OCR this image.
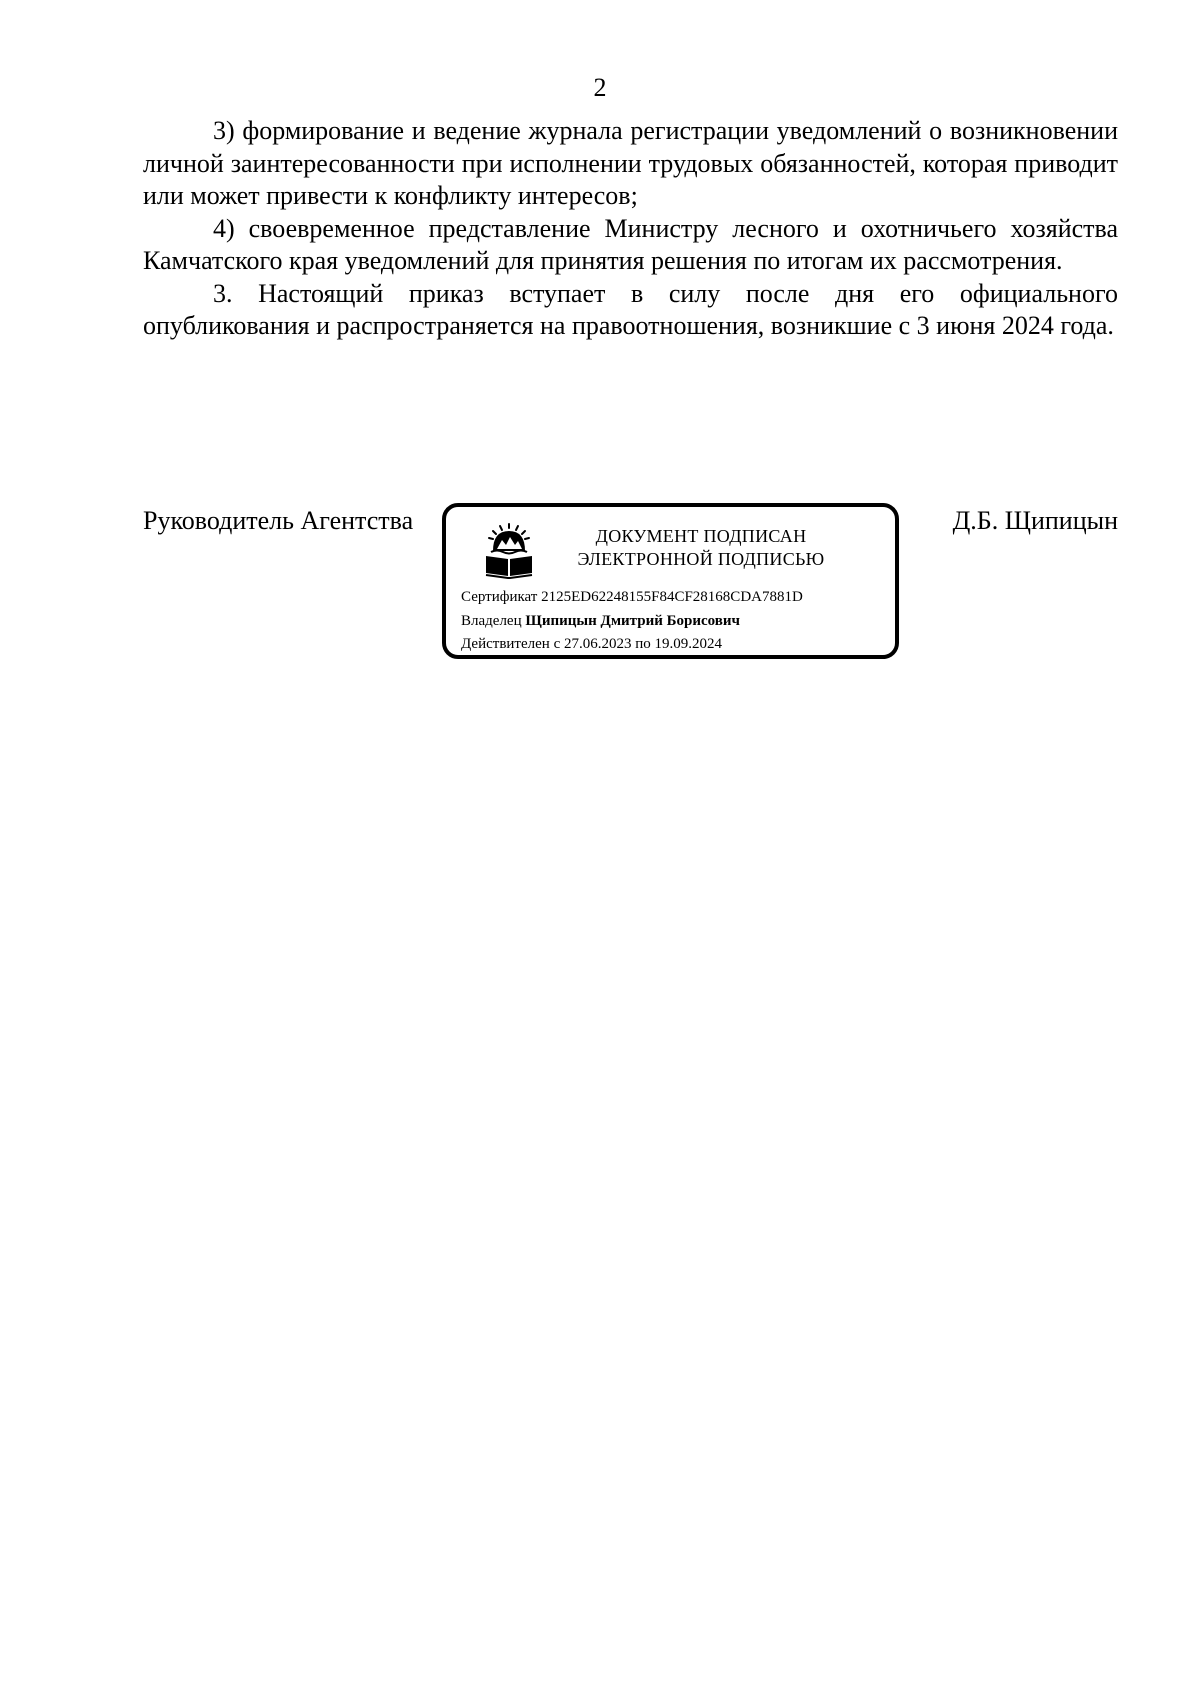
2

3) формирование и ведение журнала регистрации уведомлений о возникновении личной заинтересованности при исполнении трудовых обязанностей, которая приводит или может привести к конфликту интересов;

4) своевременное представление Министру лесного и охотничьего хозяйства Камчатского края уведомлений для принятия решения по итогам их рассмотрения.

3. Настоящий приказ вступает в силу после дня его официального опубликования и распространяется на правоотношения, возникшие с 3 июня 2024 года.

Руководитель Агентства	Д.Б. Щипицын
ДОКУМЕНТ ПОДПИСАН
ЭЛЕКТРОННОЙ ПОДПИСЬЮ
Сертификат 2125ED62248155F84CF28168CDA7881D
Владелец Щипицын Дмитрий Борисович
Действителен с 27.06.2023 по 19.09.2024
